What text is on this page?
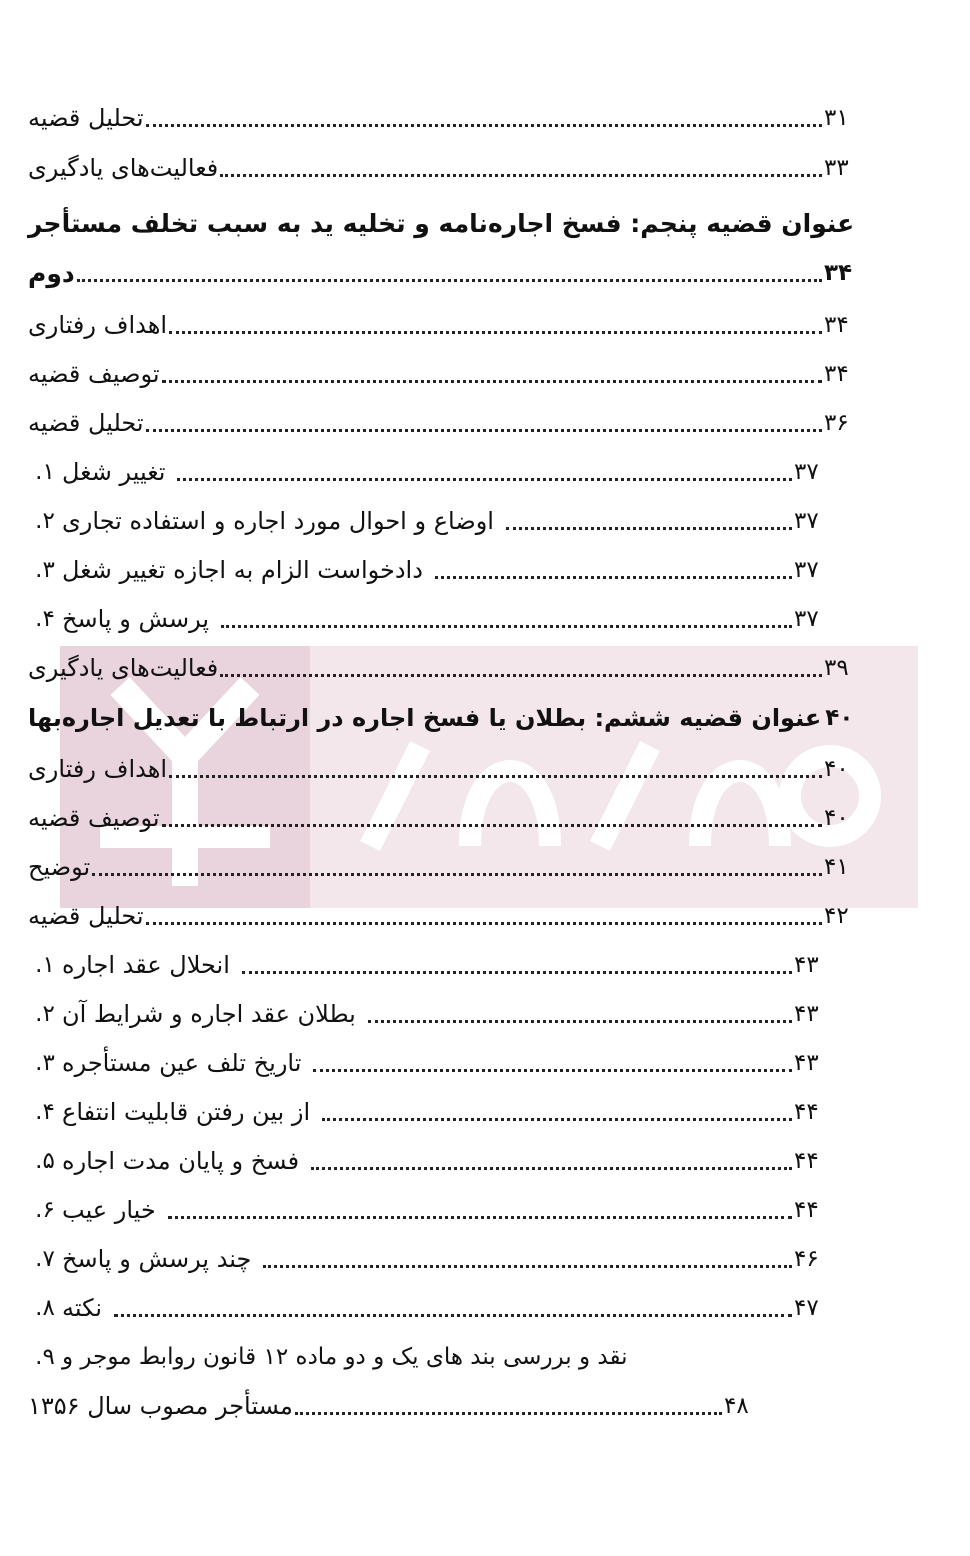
تحلیل قضیه	۳۱
فعالیت‌های یادگیری	۳۳
عنوان قضیه پنجم: فسخ اجاره‌نامه و تخلیه ید به سبب تخلف مستأجر
دوم	۳۴
اهداف رفتاری	۳۴
توصیف قضیه	۳۴
تحلیل قضیه	۳۶
۱. تغییر شغل	۳۷
۲. اوضاع و احوال مورد اجاره و استفاده تجاری	۳۷
۳. دادخواست الزام به اجازه تغییر شغل	۳۷
۴. پرسش و پاسخ	۳۷
فعالیت‌های یادگیری	۳۹
عنوان قضیه ششم: بطلان یا فسخ اجاره در ارتباط با تعدیل اجاره‌بها ۴۰
اهداف رفتاری	۴۰
توصیف قضیه	۴۰
توضیح	۴۱
تحلیل قضیه	۴۲
۱. انحلال عقد اجاره	۴۳
۲. بطلان عقد اجاره و شرایط آن	۴۳
۳. تاریخ تلف عین مستأجره	۴۳
۴. از بین رفتن قابلیت انتفاع	۴۴
۵. فسخ و پایان مدت اجاره	۴۴
۶. خیار عیب	۴۴
۷. چند پرسش و پاسخ	۴۶
۸. نکته	۴۷
۹. نقد و بررسی بند های یک و دو ماده ۱۲ قانون روابط موجر و
مستأجر مصوب سال ۱۳۵۶	۴۸
